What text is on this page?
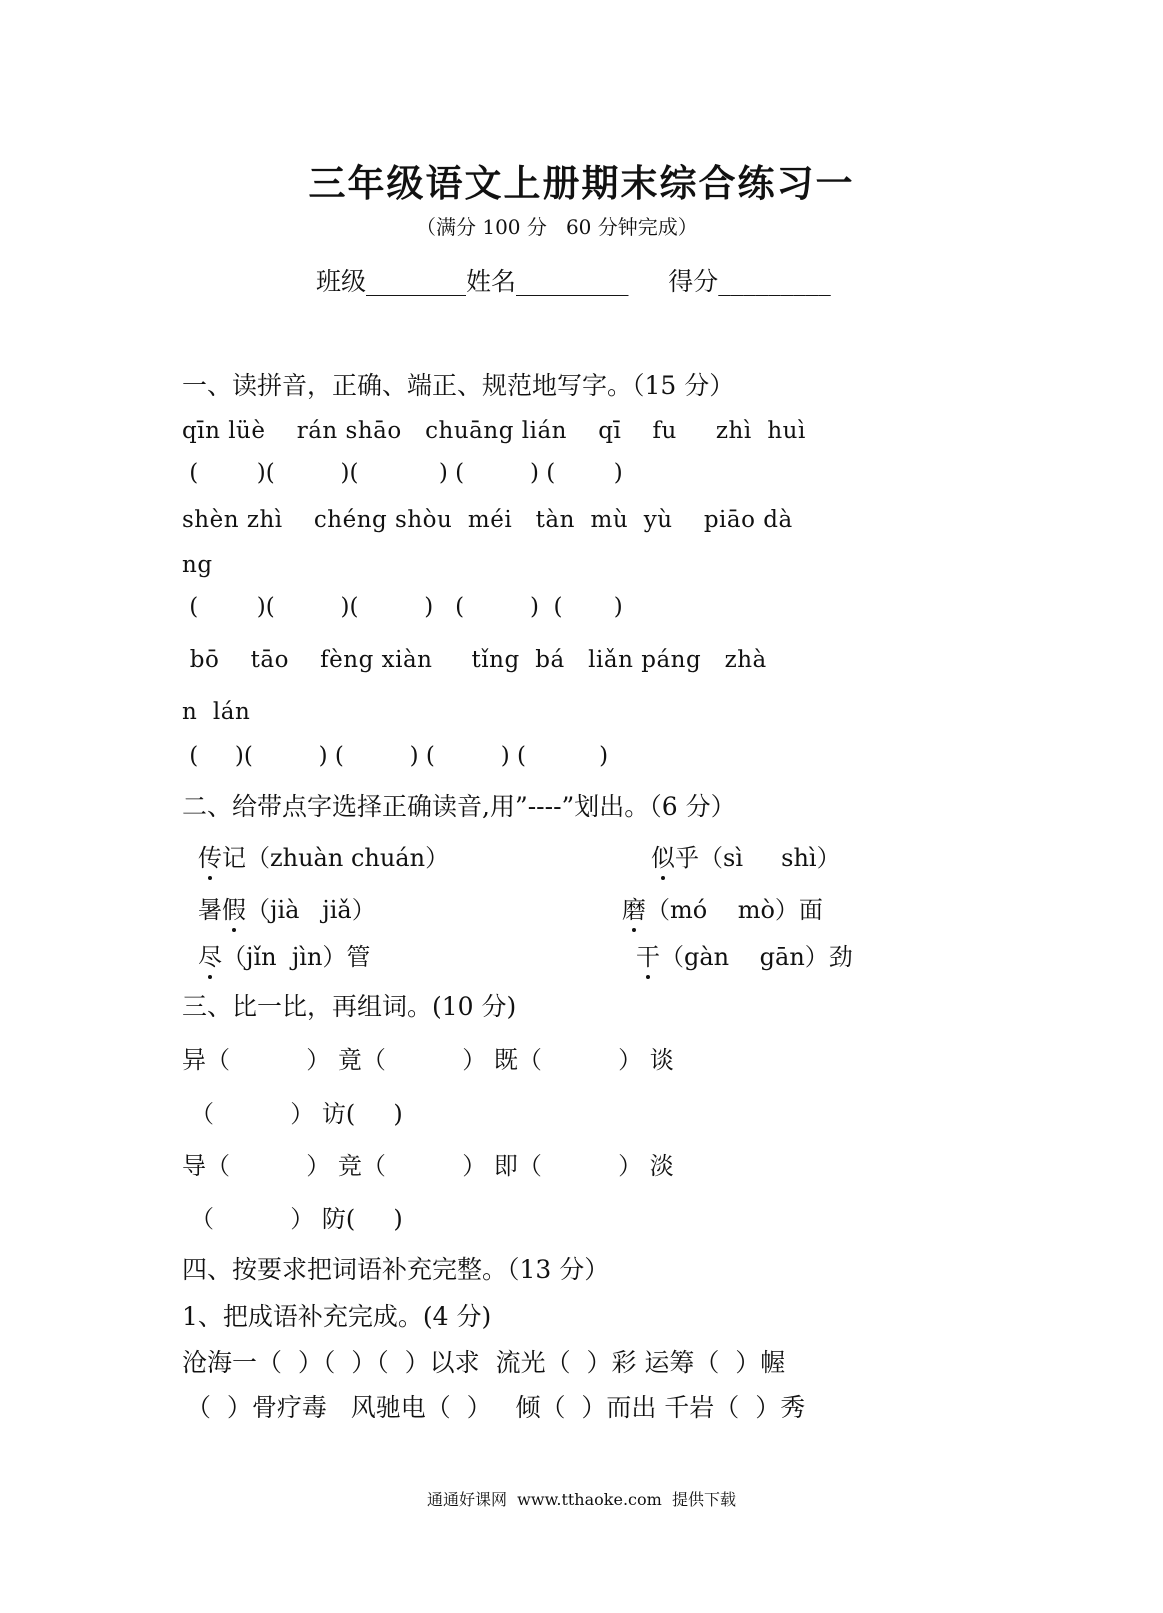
三年级语文上册期末综合练习一
（满分 100 分   60 分钟完成）
班级________姓名_________     得分_________
一、读拼音，正确、端正、规范地写字。（15 分）
qīn lüè    rán shāo   chuāng lián    qī    fu     zhì  huì
(        )(         )(           ) (         ) (        )
shèn zhì    chéng shòu  méi   tàn  mù  yù    piāo dà
ng
(        )(         )(         )   (         )  (       )
bō    tāo    fèng xiàn     tǐng  bá   liǎn páng   zhà
n  lán
(     )(         ) (         ) (         ) (          )
二、给带点字选择正确读音,用”----”划出。（6 分）
传记（zhuàn chuán）	似乎（sì     shì）
暑假（jià   jiǎ）	磨（mó    mò）面
尽（jǐn  jìn）管	干（gàn    gān）劲
三、比一比，再组词。(10 分)
异（          ） 竟（          ） 既（          ） 谈
（          ） 访(     )
导（          ） 竞（          ） 即（          ） 淡
（          ） 防(     )
四、按要求把词语补充完整。（13 分）
1、把成语补充完成。(4 分)
沧海一（  ）（  ）（  ）以求  流光（  ）彩 运筹（  ）幄
（  ）骨疗毒   风驰电（  ）   倾（  ）而出 千岩（  ）秀
通通好课网  www.tthaoke.com  提供下载
